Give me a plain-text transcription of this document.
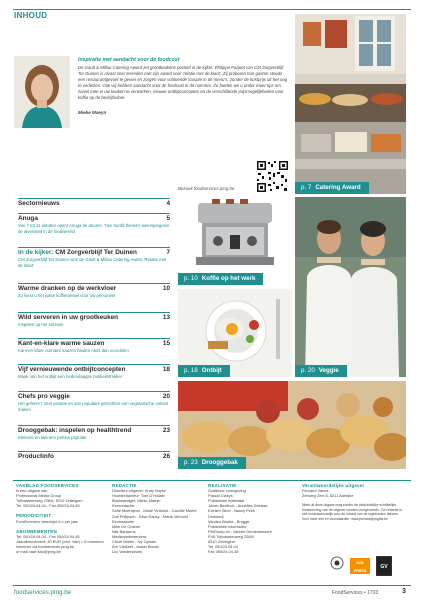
INHOUD
Inspiratie met aandacht voor de foodcost
De Gault & Millau Catering Award zet grootkeukens positief in de kijker. Philippe Paquet van CM Zorgverblijf Ter Duinen is alvast zeer tevreden met zijn award voor 'relatie met de klant'. Zij proberen hun gasten steeds een restaurantgevoel te geven en zorgen voor voldoende variatie in de menu's, zonder de kostprijs uit het oog te verliezen. Ook wij hebben aandacht voor de foodcost in dit nummer. Zo bieden we u onder meer tips om zuivel mee in uw keuken te verwerken, nieuwe ontbijtconcepten en de verschillende prijsmogelijkheden voor koffie op de bedrijfsvloer.
Mieke Maeyn
Bezoek foodservices.pmg.be
Sectornieuws	4
Anuga	5
Van 7 tot 11 oktober opent Anuga de deuren. Tien hoofd thema's weerspiegelen de diversiteit in de foodwereld
In de kijker: CM Zorgverblijf Ter Duinen	7
CM Zorgverblijf Ter Duinen won de Gault & Millau Catering Award 'Relatie met de klant'
Warme dranken op de werkvloer	10
Zo kiest u het juiste koffietoestel voor uw personeel
Wild serveren in uw grootkeuken	13
Inspelen op het seizoen
Kant-en-klare warme sauzen	15
Kant-en-klare culinaire sauzen bieden niets dan voordelen
Vijf vernieuwende ontbijtconcepten	18
Maak van het ontbijt een hedendaagse publiekstrekker
Chefs pro veggie	20
Het geheim? Veel variatie en van populaire gerechten een vegetarische variant maken
Drooggebak: inspelen op healthtrend	23
Kleinere en kleinere porties populair
Productinfo	26
p. 7 Catering Award
p. 10 Koffie op het werk
p. 20 Veggie
p. 18 Ontbijt
p. 23 Drooggebak
VAKBLAD FOODSERVICES
is een uitgave van
Professional Media Group
Tollvasteenweg 226/6, 8210 Zedelgem
Tel. 050/24.04.04 - Fax 050/24.04.45
PERIODICITEIT
FoodServices verschijnt 6 x per jaar
ABONNEMENTEN
Tel. 050/24.04.04 - Fax 050/24.04.45
Jaarabonnement: 40 EUR (excl. btw) = 6 nummers
Inkeeren via foodservices.pmg.be
of mail naar abo@pmg.be
REDACTIE
Directeur-uitgever: Andy Nuyez
Hoofdredacteur: Tom D'Hollain
Bladmanager: Mieke Maeyn
Kernredactie:
Sofie Moentjens - Marie Verhulst - Camille Morlet
Zoë Philipsen - Elise Raucy - Marie Verhulst
Eindredactie:
Mike De Craene
Nils Bauwens
Mediamedewerkers:
Chloë Martin - Ivy Ophals
Arn Vleikeet - Isabel Boons
Luc Vandenbroek
REALISATIE
Grafische vormgeving
Pascal Claeys
Publicitaire materiaal
Johan Beelinck - Annelies Delusse
Evelien Sibel - Nancy Peirs
Drukkerij:
Vanden Broele - Brugge
Publicitaire Inkomsten:
PMGroep nv - Michiel Demeulenaere
PVA Tollvasteenweg 226/6
8210 Zedelgem
Tel. 050/24.04.04
Fax 050/24.04.45
Verantwoordelijke uitgever
Fernand Vanne
Zeeweg Zeel 5, 8211 Aartrijke
Niets uit deze uitgave mag zonder de uitdrukkelijke schriftelijke toestemming van de uitgever worden overgenomen. De redactie is niet verantwoordelijk voor de inhoud van de ingezonden teksten.
Voor meer info en voorwaarden: www.pressoopyrights.be
AZB PRESS
GV
foodservices.pmg.be	FoodServices • 1703	3
